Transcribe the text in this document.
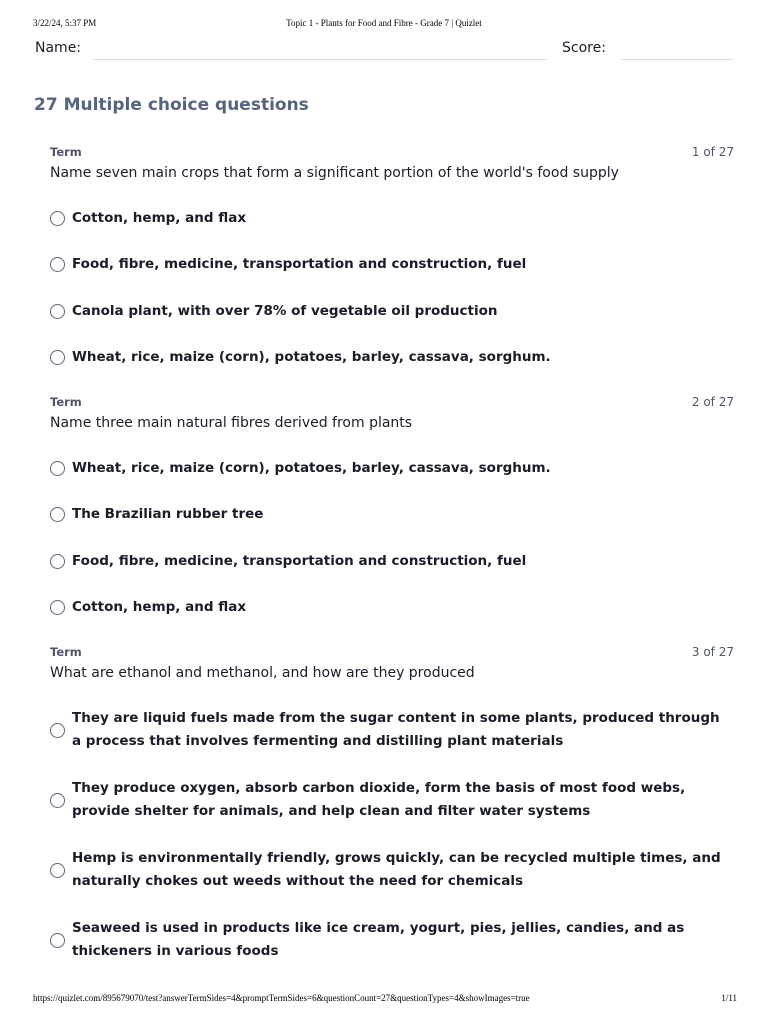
3/22/24, 5:37 PM	Topic 1 - Plants for Food and Fibre - Grade 7 | Quizlet
Name:	Score:
27 Multiple choice questions
Term	1 of 27
Name seven main crops that form a significant portion of the world's food supply
Cotton, hemp, and flax
Food, fibre, medicine, transportation and construction, fuel
Canola plant, with over 78% of vegetable oil production
Wheat, rice, maize (corn), potatoes, barley, cassava, sorghum.
Term	2 of 27
Name three main natural fibres derived from plants
Wheat, rice, maize (corn), potatoes, barley, cassava, sorghum.
The Brazilian rubber tree
Food, fibre, medicine, transportation and construction, fuel
Cotton, hemp, and flax
Term	3 of 27
What are ethanol and methanol, and how are they produced
They are liquid fuels made from the sugar content in some plants, produced through a process that involves fermenting and distilling plant materials
They produce oxygen, absorb carbon dioxide, form the basis of most food webs, provide shelter for animals, and help clean and filter water systems
Hemp is environmentally friendly, grows quickly, can be recycled multiple times, and naturally chokes out weeds without the need for chemicals
Seaweed is used in products like ice cream, yogurt, pies, jellies, candies, and as thickeners in various foods
https://quizlet.com/895679070/test?answerTermSides=4&promptTermSides=6&questionCount=27&questionTypes=4&showImages=true	1/11
